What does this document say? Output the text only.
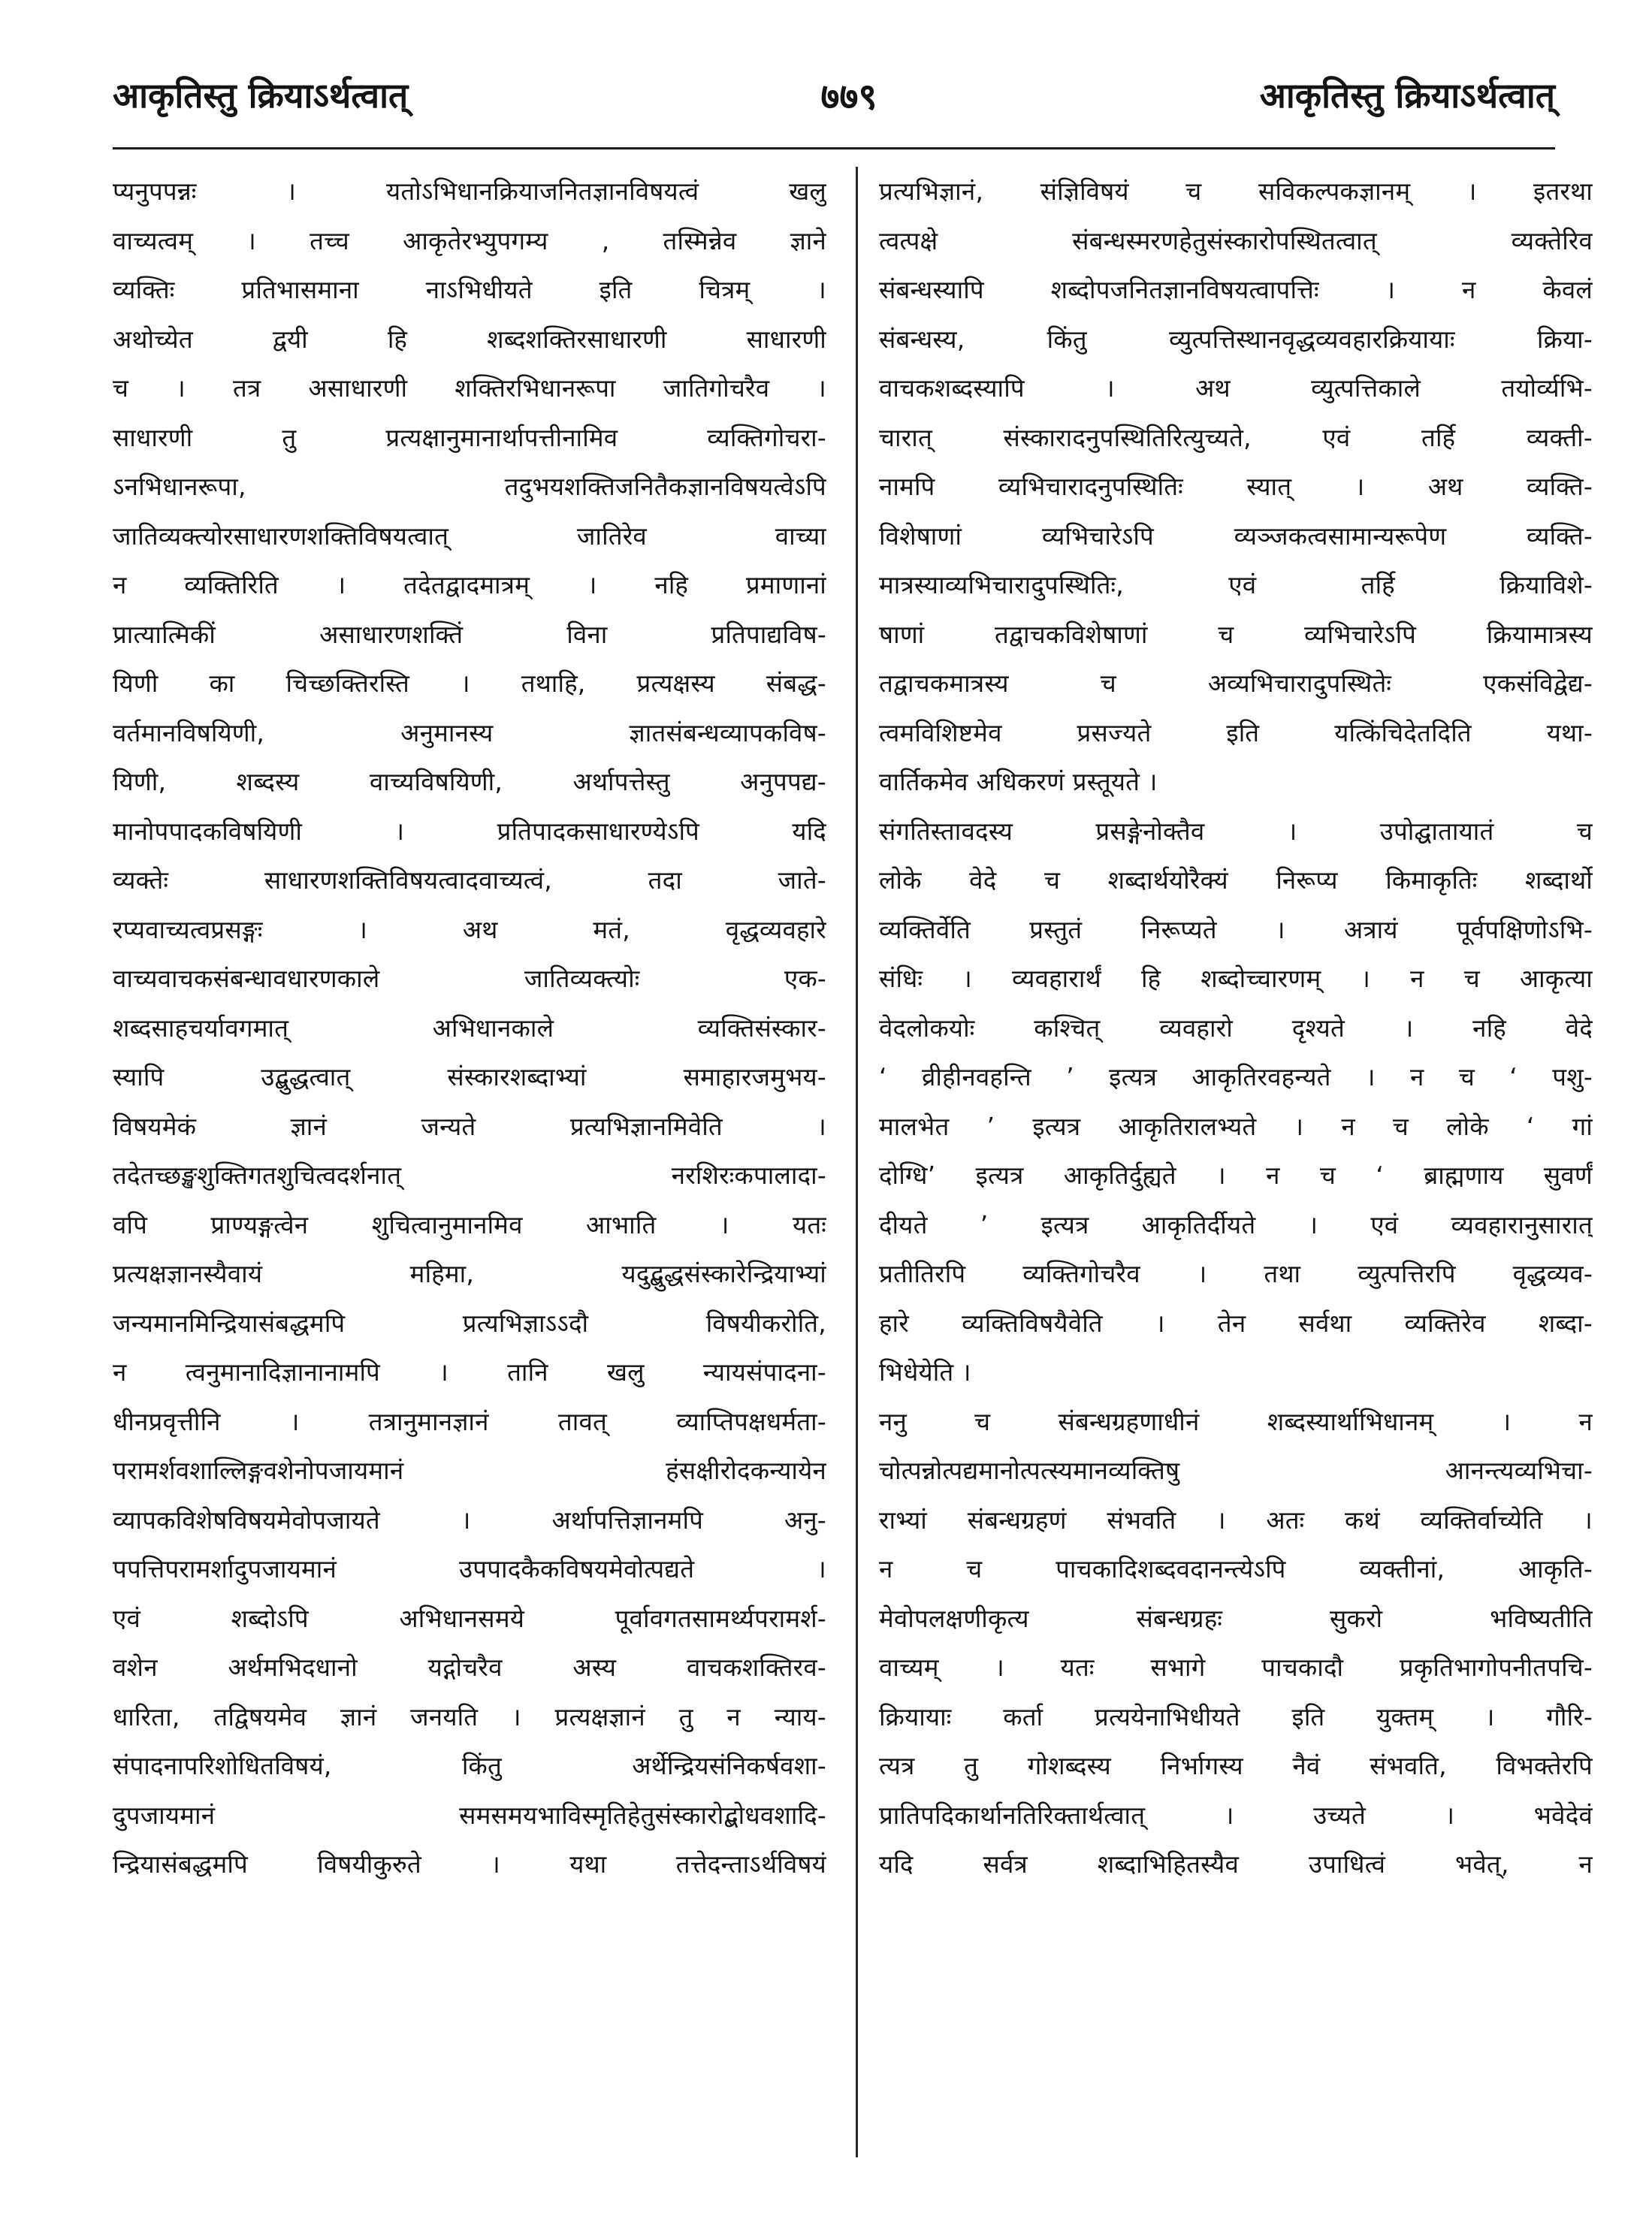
आकृतिस्तु क्रियाऽर्थत्वात्	७७९	आकृतिस्तु क्रियाऽर्थत्वात्
प्यनुपपन्नः । यतोऽभिधानक्रियाजनितज्ञानविषयत्वं खलु
वाच्यत्वम् । तच्च आकृतेरभ्युपगम्य , तस्मिन्नेव ज्ञाने
व्यक्तिः प्रतिभासमाना नाऽभिधीयते इति चित्रम् ।
अथोच्येत द्वयी हि शब्दशक्तिरसाधारणी साधारणी
च । तत्र असाधारणी शक्तिरभिधानरूपा जातिगोचरैव ।
साधारणी तु प्रत्यक्षानुमानार्थापत्तीनामिव व्यक्तिगोचरा-
ऽनभिधानरूपा, तदुभयशक्तिजनितैकज्ञानविषयत्वेऽपि
जातिव्यक्त्योरसाधारणशक्तिविषयत्वात् जातिरेव वाच्या
न व्यक्तिरिति । तदेतद्वादमात्रम् । नहि प्रमाणानां
प्रात्यात्मिकीं असाधारणशक्तिं विना प्रतिपाद्यविष-
यिणी का चिच्छक्तिरस्ति । तथाहि, प्रत्यक्षस्य संबद्ध-
वर्तमानविषयिणी, अनुमानस्य ज्ञातसंबन्धव्यापकविष-
यिणी, शब्दस्य वाच्यविषयिणी, अर्थापत्तेस्तु अनुपपद्य-
मानोपपादकविषयिणी । प्रतिपादकसाधारण्येऽपि यदि
व्यक्तेः साधारणशक्तिविषयत्वादवाच्यत्वं, तदा जाते-
रप्यवाच्यत्वप्रसङ्गः । अथ मतं, वृद्धव्यवहारे
वाच्यवाचकसंबन्धावधारणकाले जातिव्यक्त्योः एक-
शब्दसाहचर्यावगमात् अभिधानकाले व्यक्तिसंस्कार-
स्यापि उद्बुद्धत्वात् संस्कारशब्दाभ्यां समाहारजमुभय-
विषयमेकं ज्ञानं जन्यते प्रत्यभिज्ञानमिवेति ।
तदेतच्छङ्खशुक्तिगतशुचित्वदर्शनात् नरशिरःकपालादा-
वपि प्राण्यङ्गत्वेन शुचित्वानुमानमिव आभाति । यतः
प्रत्यक्षज्ञानस्यैवायं महिमा, यदुद्बुद्धसंस्कारेन्द्रियाभ्यां
जन्यमानमिन्द्रियासंबद्धमपि प्रत्यभिज्ञाऽऽदौ विषयीकरोति,
न त्वनुमानादिज्ञानानामपि । तानि खलु न्यायसंपादना-
धीनप्रवृत्तीनि । तत्रानुमानज्ञानं तावत् व्याप्तिपक्षधर्मता-
परामर्शवशाल्लिङ्गवशेनोपजायमानं हंसक्षीरोदकन्यायेन
व्यापकविशेषविषयमेवोपजायते । अर्थापत्तिज्ञानमपि अनु-
पपत्तिपरामर्शादुपजायमानं उपपादकैकविषयमेवोत्पद्यते ।
एवं शब्दोऽपि अभिधानसमये पूर्वावगतसामर्थ्यपरामर्श-
वशेन अर्थमभिदधानो यद्गोचरैव अस्य वाचकशक्तिरव-
धारिता, तद्विषयमेव ज्ञानं जनयति । प्रत्यक्षज्ञानं तु न न्याय-
संपादनापरिशोधितविषयं, किंतु अर्थेन्द्रियसंनिकर्षवशा-
दुपजायमानं समसमयभाविस्मृतिहेतुसंस्कारोद्बोधवशादि-
न्द्रियासंबद्धमपि विषयीकुरुते । यथा तत्तेदन्ताऽर्थविषयं
प्रत्यभिज्ञानं, संज्ञिविषयं च सविकल्पकज्ञानम् । इतरथा
त्वत्पक्षे संबन्धस्मरणहेतुसंस्कारोपस्थितत्वात् व्यक्तेरिव
संबन्धस्यापि शब्दोपजनितज्ञानविषयत्वापत्तिः । न केवलं
संबन्धस्य, किंतु व्युत्पत्तिस्थानवृद्धव्यवहारक्रियायाः क्रिया-
वाचकशब्दस्यापि । अथ व्युत्पत्तिकाले तयोर्व्यभि-
चारात् संस्कारादनुपस्थितिरित्युच्यते, एवं तर्हि व्यक्ती-
नामपि व्यभिचारादनुपस्थितिः स्यात् । अथ व्यक्ति-
विशेषाणां व्यभिचारेऽपि व्यञ्जकत्वसामान्यरूपेण व्यक्ति-
मात्रस्याव्यभिचारादुपस्थितिः, एवं तर्हि क्रियाविशे-
षाणां तद्वाचकविशेषाणां च व्यभिचारेऽपि क्रियामात्रस्य
तद्वाचकमात्रस्य च अव्यभिचारादुपस्थितेः एकसंविद्वेद्य-
त्वमविशिष्टमेव प्रसज्यते इति यत्किंचिदेतदिति यथा-
वार्तिकमेव अधिकरणं प्रस्तूयते ।
संगतिस्तावदस्य प्रसङ्गेनोक्तैव । उपोद्घातायातं च
लोके वेदे च शब्दार्थयोरैक्यं निरूप्य किमाकृतिः शब्दार्थो
व्यक्तिर्वेति प्रस्तुतं निरूप्यते । अत्रायं पूर्वपक्षिणोऽभि-
संधिः । व्यवहारार्थं हि शब्दोच्चारणम् । न च आकृत्या
वेदलोकयोः कश्चित् व्यवहारो दृश्यते । नहि वेदे
‘ व्रीहीनवहन्ति ’ इत्यत्र आकृतिरवहन्यते । न च ‘ पशु-
मालभेत ’ इत्यत्र आकृतिरालभ्यते । न च लोके ‘ गां
दोग्धि’ इत्यत्र आकृतिर्दुह्यते । न च ‘ ब्राह्मणाय सुवर्णं
दीयते ’ इत्यत्र आकृतिर्दीयते । एवं व्यवहारानुसारात्
प्रतीतिरपि व्यक्तिगोचरैव । तथा व्युत्पत्तिरपि वृद्धव्यव-
हारे व्यक्तिविषयैवेति । तेन सर्वथा व्यक्तिरेव शब्दा-
भिधेयेति ।
ननु च संबन्धग्रहणाधीनं शब्दस्यार्थाभिधानम् । न
चोत्पन्नोत्पद्यमानोत्पत्स्यमानव्यक्तिषु आनन्त्यव्यभिचा-
राभ्यां संबन्धग्रहणं संभवति । अतः कथं व्यक्तिर्वाच्येति ।
न च पाचकादिशब्दवदानन्त्येऽपि व्यक्तीनां, आकृति-
मेवोपलक्षणीकृत्य संबन्धग्रहः सुकरो भविष्यतीति
वाच्यम् । यतः सभागे पाचकादौ प्रकृतिभागोपनीतपचि-
क्रियायाः कर्ता प्रत्ययेनाभिधीयते इति युक्तम् । गौरि-
त्यत्र तु गोशब्दस्य निर्भागस्य नैवं संभवति, विभक्तेरपि
प्रातिपदिकार्थानतिरिक्तार्थत्वात् । उच्यते । भवेदेवं
यदि सर्वत्र शब्दाभिहितस्यैव उपाधित्वं भवेत्, न
